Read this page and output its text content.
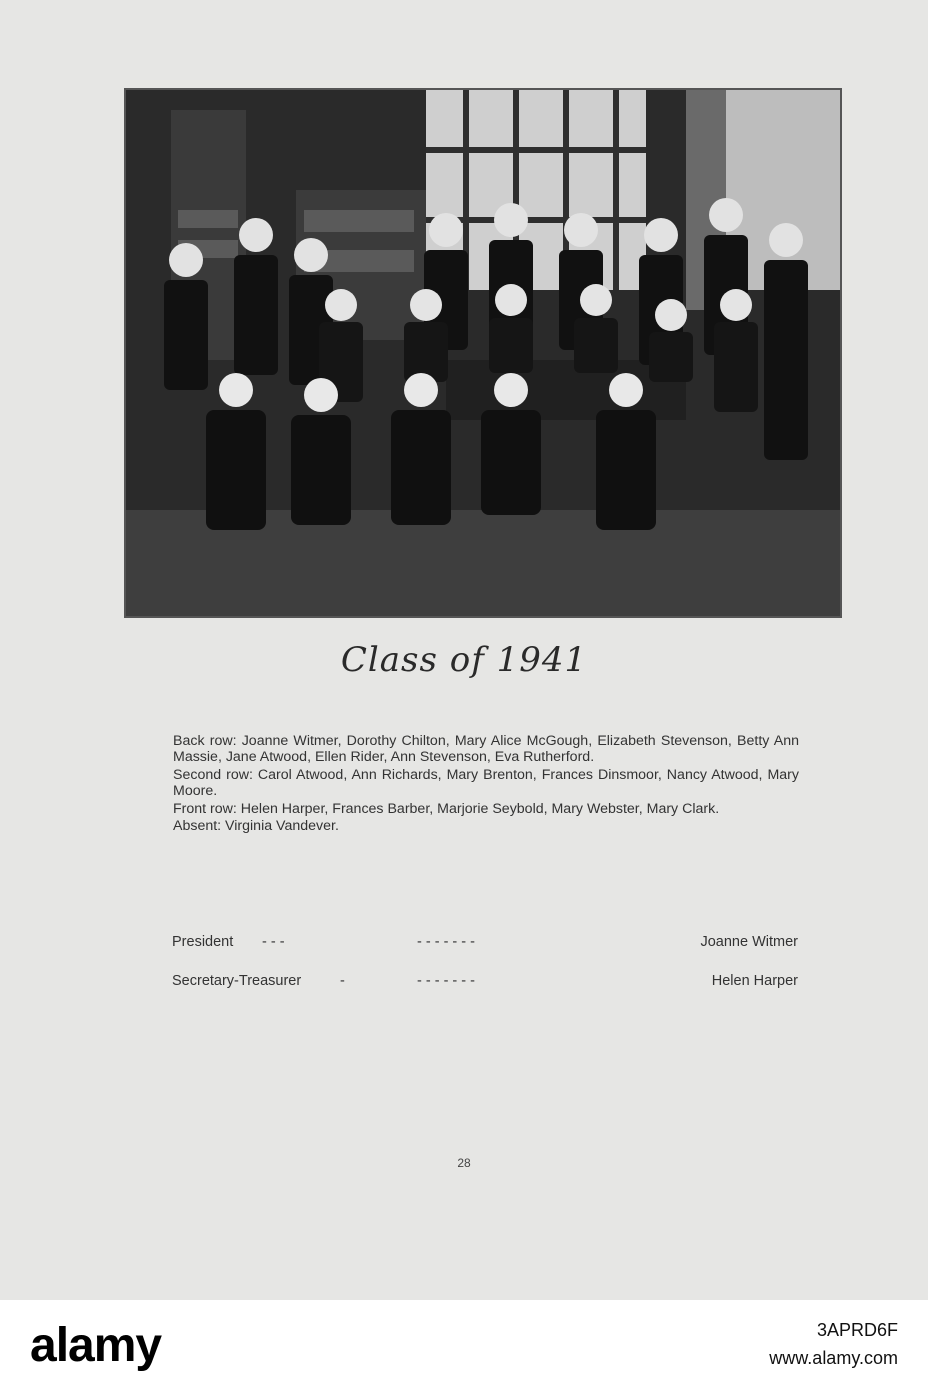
Class of 1941

Back row: Joanne Witmer, Dorothy Chilton, Mary Alice McGough, Elizabeth Stevenson, Betty Ann Massie, Jane Atwood, Ellen Rider, Ann Stevenson, Eva Rutherford.

Second row: Carol Atwood, Ann Richards, Mary Brenton, Frances Dinsmoor, Nancy Atwood, Mary Moore.

Front row: Helen Harper, Frances Barber, Marjorie Seybold, Mary Webster, Mary Clark.

Absent: Virginia Vandever.

President - - -	- - - - - - -	Joanne Witmer
Secretary-Treasurer	-	- - - - - - -	Helen Harper
28
alamy	3APRD6F
www.alamy.com
